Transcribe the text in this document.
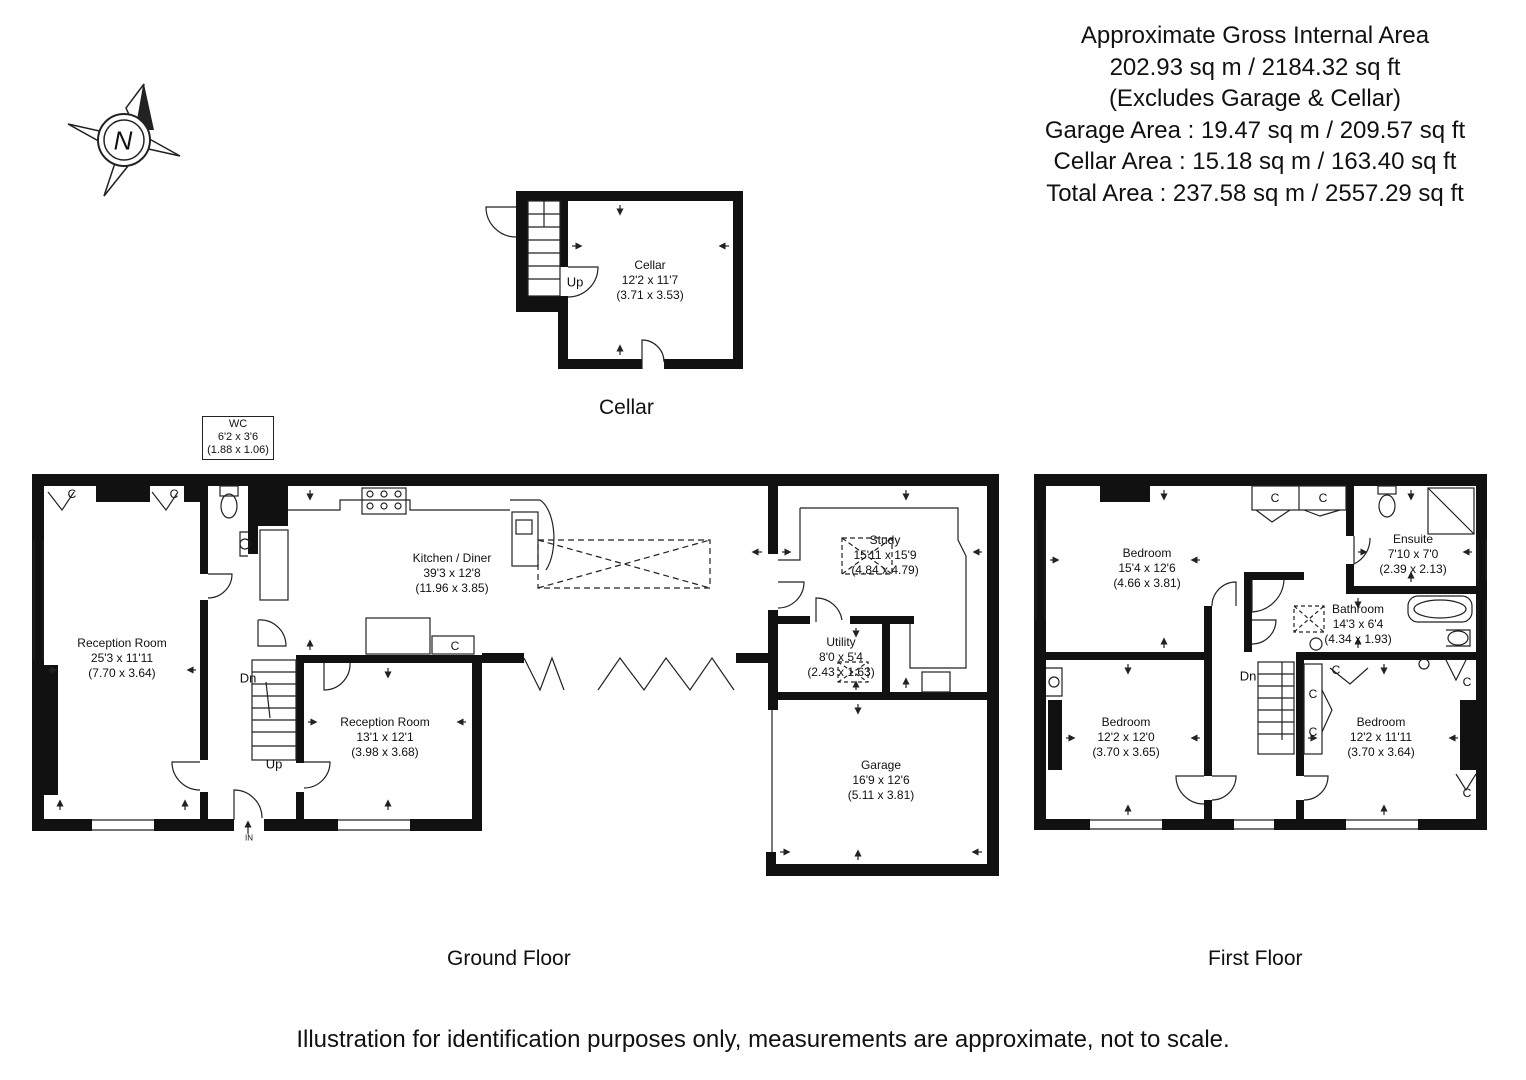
N
Approximate Gross Internal Area
202.93 sq m / 2184.32 sq ft
(Excludes Garage & Cellar)
Garage Area : 19.47 sq m / 209.57 sq ft
Cellar Area : 15.18 sq m / 163.40 sq ft
Total Area : 237.58 sq m / 2557.29 sq ft
Cellar
12'2 x 11'7
(3.71 x 3.53)
Up
Cellar
Ground Floor	First Floor
WC
6'2 x 3'6
(1.88 x 1.06)
Reception Room
25'3 x 11'11
(7.70 x 3.64)
Kitchen / Diner
39'3 x 12'8
(11.96 x 3.85)
Reception Room
13'1 x 12'1
(3.98 x 3.68)
Study
15'11 x 15'9
(4.84 x 4.79)
Utility
8'0 x 5'4
(2.43 x 1.63)
Garage
16'9 x 12'6
(5.11 x 3.81)
C	C
C
Dn
Up
IN
Bedroom
15'4 x 12'6
(4.66 x 3.81)
Ensuite
7'10 x 7'0
(2.39 x 2.13)
Bathroom
14'3 x 6'4
(4.34 x 1.93)
Bedroom
12'2 x 12'0
(3.70 x 3.65)
Bedroom
12'2 x 11'11
(3.70 x 3.64)
C	C
C
C
C
C
C
Dn
Illustration for identification purposes only, measurements are approximate, not to scale.
